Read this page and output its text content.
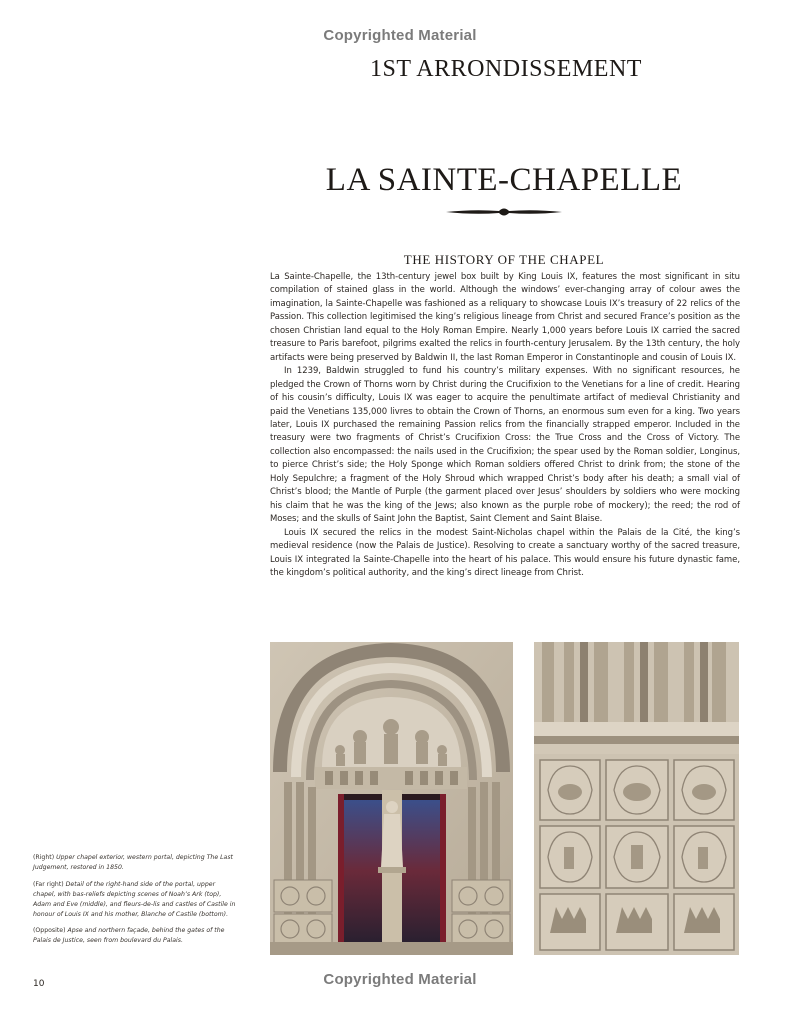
Copyrighted Material
1ST ARRONDISSEMENT
LA SAINTE-CHAPELLE
THE HISTORY OF THE CHAPEL

La Sainte-Chapelle, the 13th-century jewel box built by King Louis IX, features the most significant in situ compilation of stained glass in the world. Although the windows’ ever-changing array of colour awes the imagination, la Sainte-Chapelle was fashioned as a reliquary to showcase Louis IX’s treasury of 22 relics of the Passion. This collection legitimised the king’s religious lineage from Christ and secured France’s position as the chosen Christian land equal to the Holy Roman Empire. Nearly 1,000 years before Louis IX carried the sacred treasure to Paris barefoot, pilgrims exalted the relics in fourth-century Jerusalem. By the 13th century, the holy artifacts were being preserved by Baldwin II, the last Roman Emperor in Constantinople and cousin of Louis IX.

In 1239, Baldwin struggled to fund his country’s military expenses. With no significant resources, he pledged the Crown of Thorns worn by Christ during the Crucifixion to the Venetians for a line of credit. Hearing of his cousin’s difficulty, Louis IX was eager to acquire the penultimate artifact of medieval Christianity and paid the Venetians 135,000 livres to obtain the Crown of Thorns, an enormous sum even for a king. Two years later, Louis IX purchased the remaining Passion relics from the financially strapped emperor. Included in the treasury were two fragments of Christ’s Crucifixion Cross: the True Cross and the Cross of Victory. The collection also encompassed: the nails used in the Crucifixion; the spear used by the Roman soldier, Longinus, to pierce Christ’s side; the Holy Sponge which Roman soldiers offered Christ to drink from; the stone of the Holy Sepulchre; a fragment of the Holy Shroud which wrapped Christ’s body after his death; a small vial of Christ’s blood; the Mantle of Purple (the garment placed over Jesus’ shoulders by soldiers who were mocking his claim that he was the king of the Jews; also known as the purple robe of mockery); the reed; the rod of Moses; and the skulls of Saint John the Baptist, Saint Clement and Saint Blaise.

Louis IX secured the relics in the modest Saint-Nicholas chapel within the Palais de la Cité, the king’s medieval residence (now the Palais de Justice). Resolving to create a sanctuary worthy of the sacred treasure, Louis IX integrated la Sainte-Chapelle into the heart of his palace. This would ensure his future dynastic fame, the kingdom’s political authority, and the king’s direct lineage from Christ.

(Right) Upper chapel exterior, western portal, depicting The Last Judgement, restored in 1850.

(Far right) Detail of the right-hand side of the portal, upper chapel, with bas-reliefs depicting scenes of Noah’s Ark (top), Adam and Eve (middle), and fleurs-de-lis and castles of Castile in honour of Louis IX and his mother, Blanche of Castile (bottom).

(Opposite) Apse and northern façade, behind the gates of the Palais de Justice, seen from boulevard du Palais.

10	Copyrighted Material
